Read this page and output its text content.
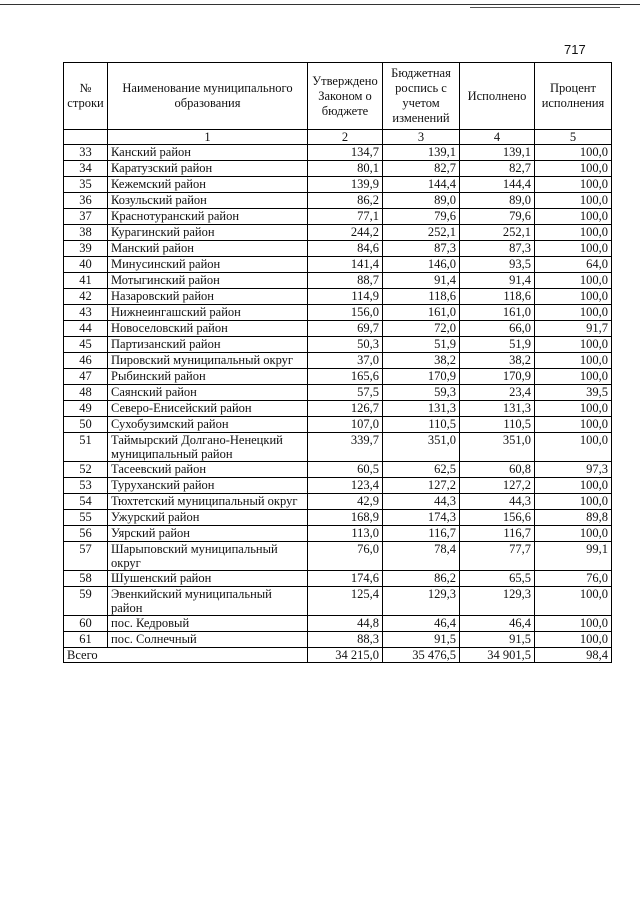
717
№ строки	Наименование муниципального образования	Утверждено Законом о бюджете	Бюджетная роспись с учетом изменений	Исполнено	Процент исполнения
	1	2	3	4	5
33	Канский район	134,7	139,1	139,1	100,0
34	Каратузский район	80,1	82,7	82,7	100,0
35	Кежемский район	139,9	144,4	144,4	100,0
36	Козульский район	86,2	89,0	89,0	100,0
37	Краснотуранский район	77,1	79,6	79,6	100,0
38	Курагинский район	244,2	252,1	252,1	100,0
39	Манский район	84,6	87,3	87,3	100,0
40	Минусинский район	141,4	146,0	93,5	64,0
41	Мотыгинский район	88,7	91,4	91,4	100,0
42	Назаровский район	114,9	118,6	118,6	100,0
43	Нижнеингашский район	156,0	161,0	161,0	100,0
44	Новоселовский район	69,7	72,0	66,0	91,7
45	Партизанский район	50,3	51,9	51,9	100,0
46	Пировский муниципальный округ	37,0	38,2	38,2	100,0
47	Рыбинский район	165,6	170,9	170,9	100,0
48	Саянский район	57,5	59,3	23,4	39,5
49	Северо-Енисейский район	126,7	131,3	131,3	100,0
50	Сухобузимский район	107,0	110,5	110,5	100,0
51	Таймырский Долгано-Ненецкий муниципальный район	339,7	351,0	351,0	100,0
52	Тасеевский район	60,5	62,5	60,8	97,3
53	Туруханский район	123,4	127,2	127,2	100,0
54	Тюхтетский муниципальный округ	42,9	44,3	44,3	100,0
55	Ужурский район	168,9	174,3	156,6	89,8
56	Уярский район	113,0	116,7	116,7	100,0
57	Шарыповский муниципальный округ	76,0	78,4	77,7	99,1
58	Шушенский район	174,6	86,2	65,5	76,0
59	Эвенкийский муниципальный район	125,4	129,3	129,3	100,0
60	пос. Кедровый	44,8	46,4	46,4	100,0
61	пос. Солнечный	88,3	91,5	91,5	100,0
Всего		34 215,0	35 476,5	34 901,5	98,4
